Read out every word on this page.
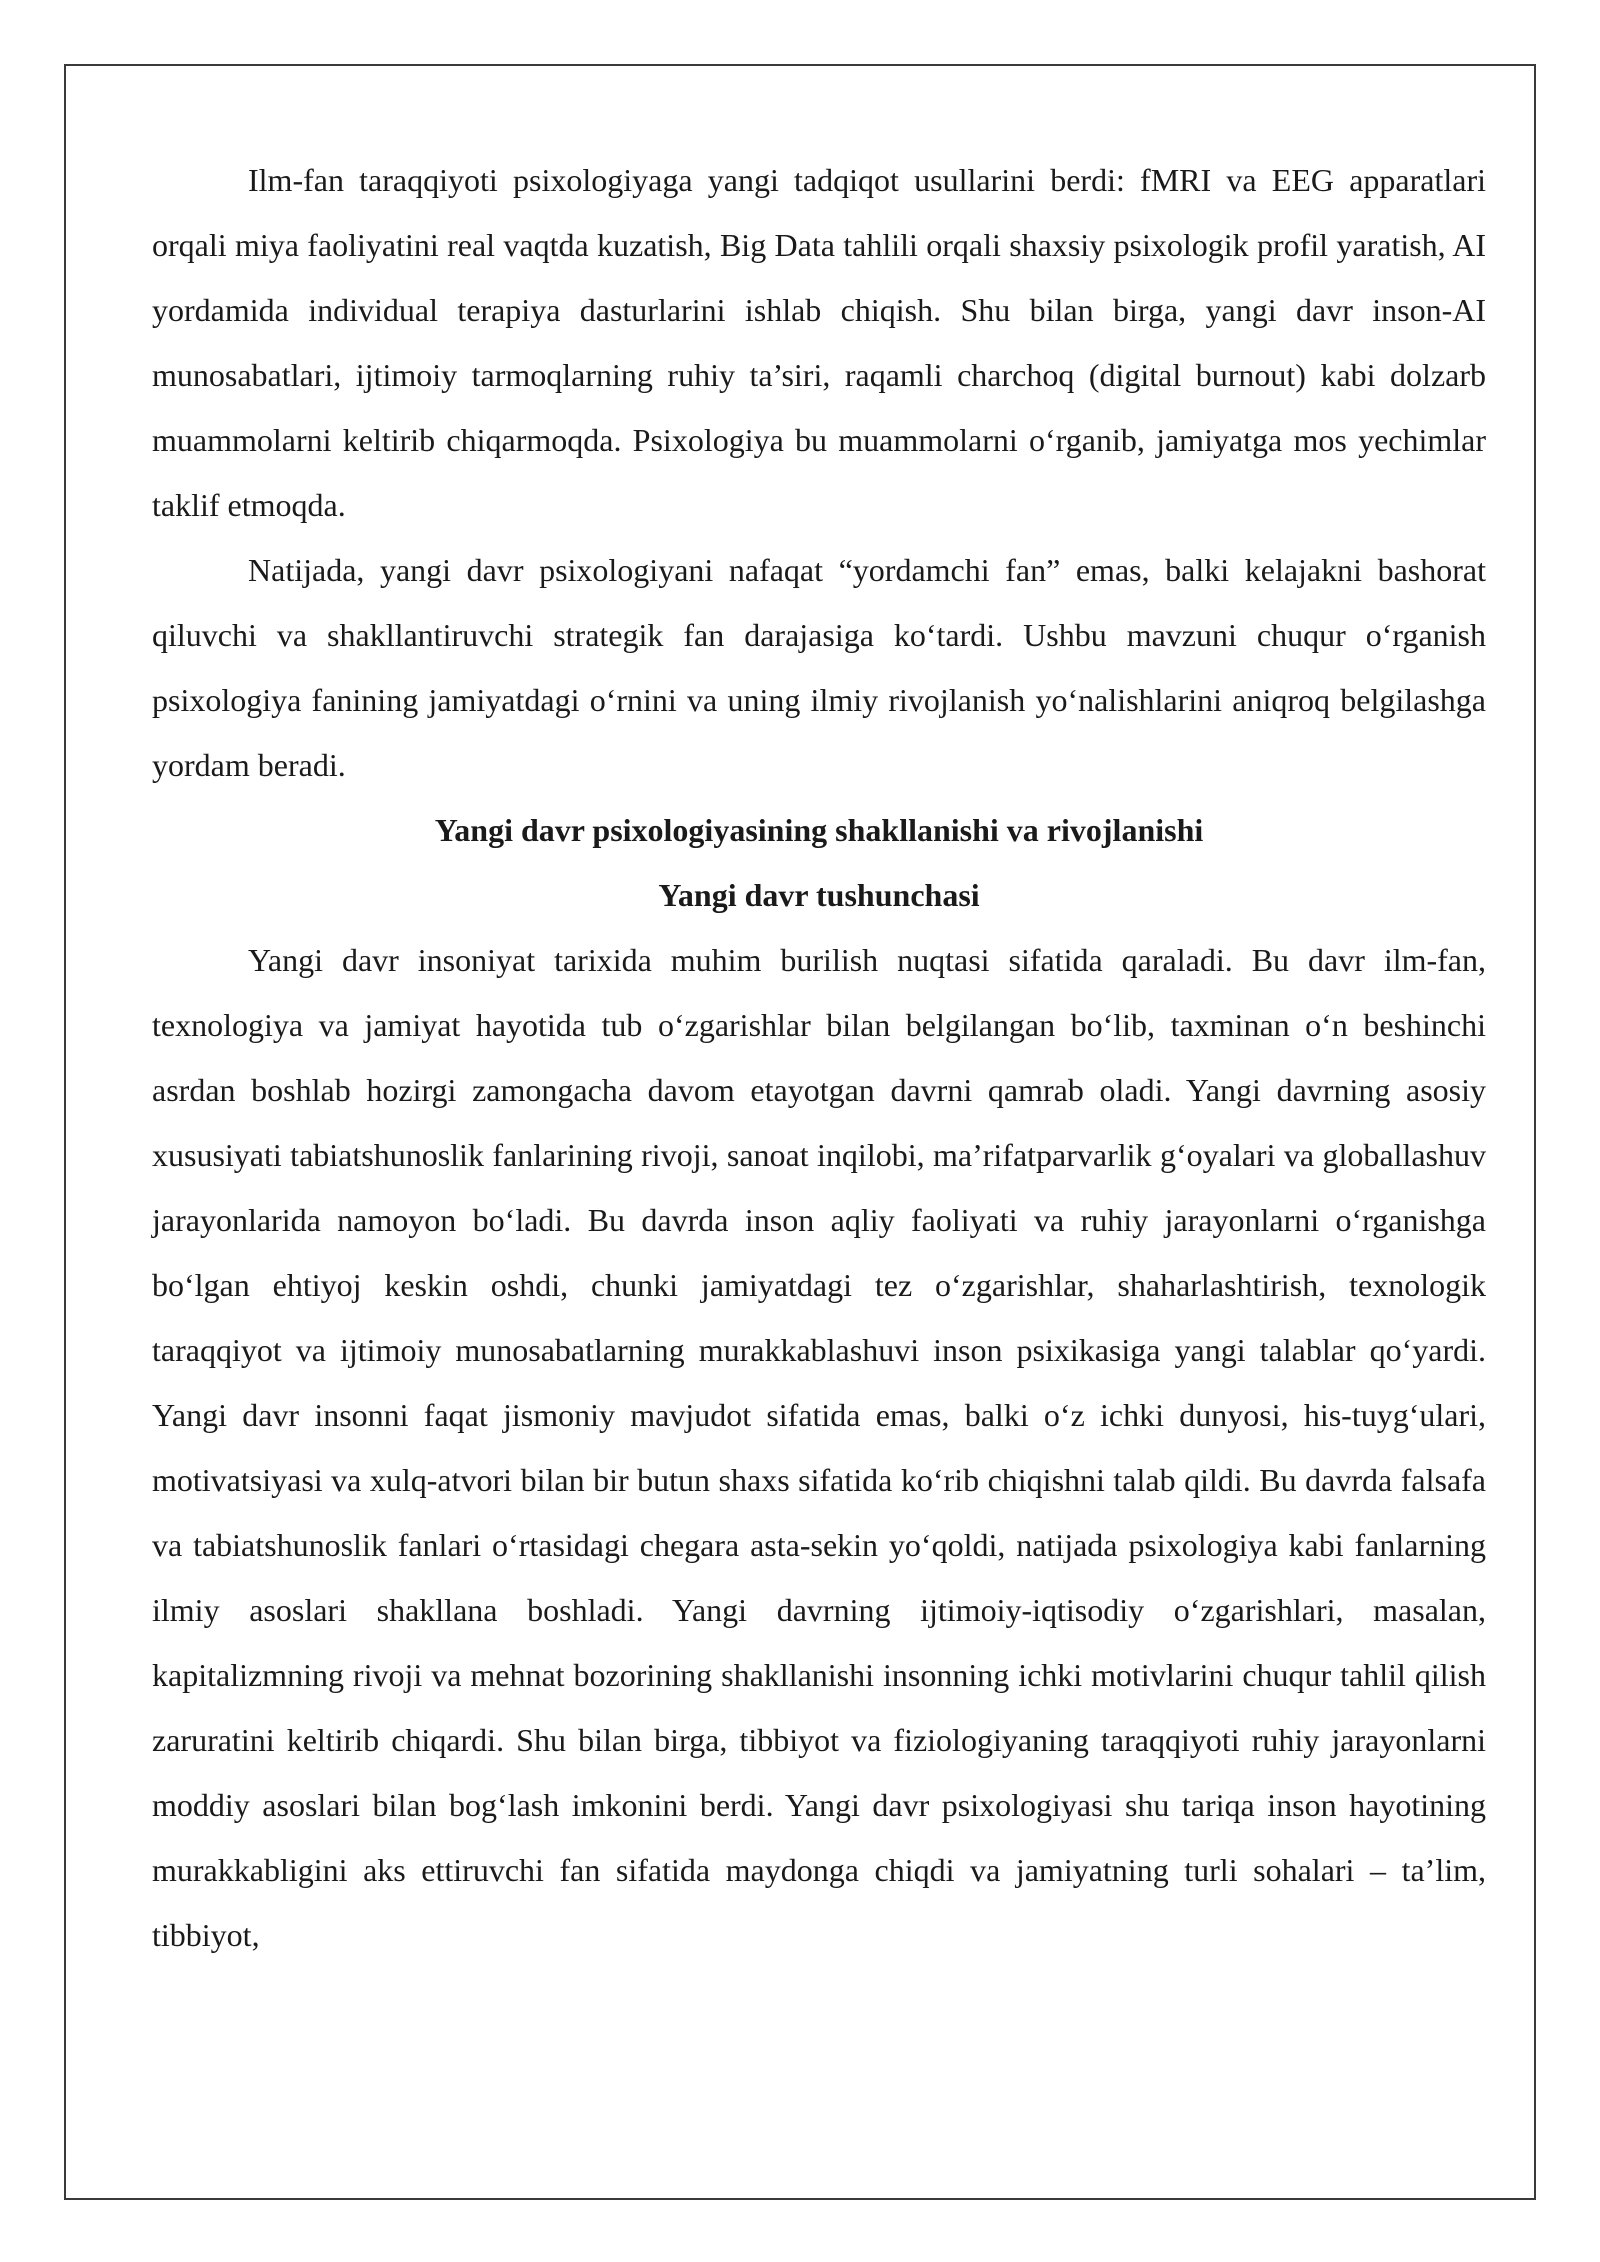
Ilm-fan taraqqiyoti psixologiyaga yangi tadqiqot usullarini berdi: fMRI va EEG apparatlari orqali miya faoliyatini real vaqtda kuzatish, Big Data tahlili orqali shaxsiy psixologik profil yaratish, AI yordamida individual terapiya dasturlarini ishlab chiqish. Shu bilan birga, yangi davr inson-AI munosabatlari, ijtimoiy tarmoqlarning ruhiy ta’siri, raqamli charchoq (digital burnout) kabi dolzarb muammolarni keltirib chiqarmoqda. Psixologiya bu muammolarni o‘rganib, jamiyatga mos yechimlar taklif etmoqda.

Natijada, yangi davr psixologiyani nafaqat “yordamchi fan” emas, balki kelajakni bashorat qiluvchi va shakllantiruvchi strategik fan darajasiga ko‘tardi. Ushbu mavzuni chuqur o‘rganish psixologiya fanining jamiyatdagi o‘rnini va uning ilmiy rivojlanish yo‘nalishlarini aniqroq belgilashga yordam beradi.

Yangi davr psixologiyasining shakllanishi va rivojlanishi

Yangi davr tushunchasi

Yangi davr insoniyat tarixida muhim burilish nuqtasi sifatida qaraladi. Bu davr ilm-fan, texnologiya va jamiyat hayotida tub o‘zgarishlar bilan belgilangan bo‘lib, taxminan o‘n beshinchi asrdan boshlab hozirgi zamongacha davom etayotgan davrni qamrab oladi. Yangi davrning asosiy xususiyati tabiatshunoslik fanlarining rivoji, sanoat inqilobi, ma’rifatparvarlik g‘oyalari va globallashuv jarayonlarida namoyon bo‘ladi. Bu davrda inson aqliy faoliyati va ruhiy jarayonlarni o‘rganishga bo‘lgan ehtiyoj keskin oshdi, chunki jamiyatdagi tez o‘zgarishlar, shaharlashtirish, texnologik taraqqiyot va ijtimoiy munosabatlarning murakkablashuvi inson psixikasiga yangi talablar qo‘yardi. Yangi davr insonni faqat jismoniy mavjudot sifatida emas, balki o‘z ichki dunyosi, his-tuyg‘ulari, motivatsiyasi va xulq-atvori bilan bir butun shaxs sifatida ko‘rib chiqishni talab qildi. Bu davrda falsafa va tabiatshunoslik fanlari o‘rtasidagi chegara asta-sekin yo‘qoldi, natijada psixologiya kabi fanlarning ilmiy asoslari shakllana boshladi. Yangi davrning ijtimoiy-iqtisodiy o‘zgarishlari, masalan, kapitalizmning rivoji va mehnat bozorining shakllanishi insonning ichki motivlarini chuqur tahlil qilish zaruratini keltirib chiqardi. Shu bilan birga, tibbiyot va fiziologiyaning taraqqiyoti ruhiy jarayonlarni moddiy asoslari bilan bog‘lash imkonini berdi. Yangi davr psixologiyasi shu tariqa inson hayotining murakkabligini aks ettiruvchi fan sifatida maydonga chiqdi va jamiyatning turli sohalari – ta’lim, tibbiyot,
